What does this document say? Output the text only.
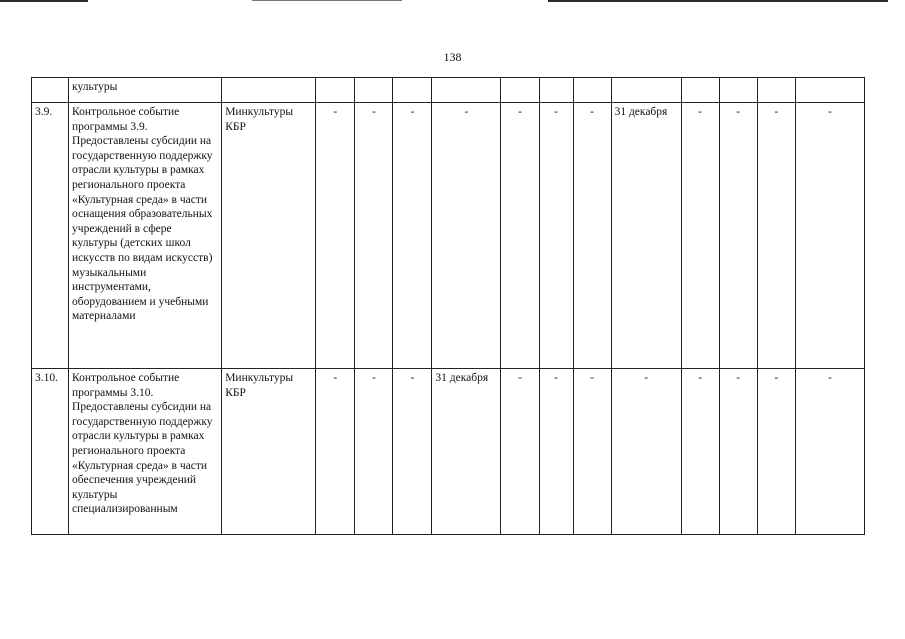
138
	культуры													
3.9.	Контрольное событие программы 3.9. Предоставлены субсидии на государственную поддержку отрасли культуры в рамках регионального проекта «Культурная среда» в части оснащения образовательных учреждений в сфере культуры (детских школ искусств по видам искусств) музыкальными инструментами, оборудованием и учебными материалами	Минкультуры КБР	-	-	-	-	-	-	-	31 декабря	-	-	-	-
3.10.	Контрольное событие программы 3.10. Предоставлены субсидии на государственную поддержку отрасли культуры в рамках регионального проекта «Культурная среда» в части обеспечения учреждений культуры специализированным	Минкультуры КБР	-	-	-	31 декабря	-	-	-	-	-	-	-	-
